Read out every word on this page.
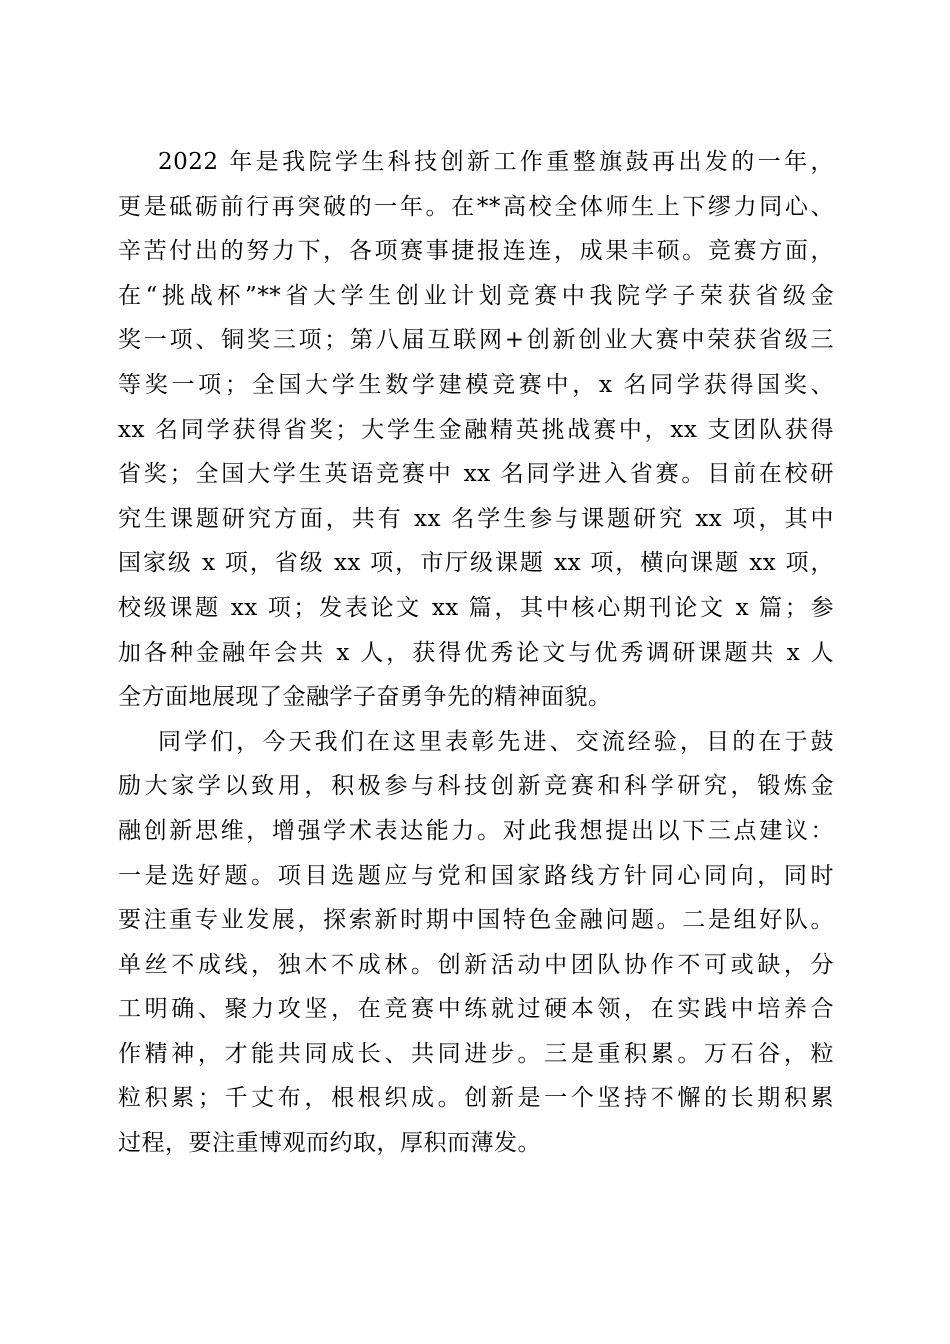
2022 年是我院学生科技创新工作重整旗鼓再出发的一年，
更是砥砺前行再突破的一年。在**高校全体师生上下缪力同心、
辛苦付出的努力下，各项赛事捷报连连，成果丰硕。竞赛方面，
在“挑战杯”**省大学生创业计划竞赛中我院学子荣获省级金
奖一项、铜奖三项；第八届互联网+创新创业大赛中荣获省级三
等奖一项；全国大学生数学建模竞赛中，x 名同学获得国奖、
xx 名同学获得省奖；大学生金融精英挑战赛中，xx 支团队获得
省奖；全国大学生英语竞赛中 xx 名同学进入省赛。目前在校研
究生课题研究方面，共有 xx 名学生参与课题研究 xx 项，其中
国家级 x 项，省级 xx 项，市厅级课题 xx 项，横向课题 xx 项，
校级课题 xx 项；发表论文 xx 篇，其中核心期刊论文 x 篇；参
加各种金融年会共 x 人，获得优秀论文与优秀调研课题共 x 人
全方面地展现了金融学子奋勇争先的精神面貌。
同学们，今天我们在这里表彰先进、交流经验，目的在于鼓
励大家学以致用，积极参与科技创新竞赛和科学研究，锻炼金
融创新思维，增强学术表达能力。对此我想提出以下三点建议：
一是选好题。项目选题应与党和国家路线方针同心同向，同时
要注重专业发展，探索新时期中国特色金融问题。二是组好队。
单丝不成线，独木不成林。创新活动中团队协作不可或缺，分
工明确、聚力攻坚，在竞赛中练就过硬本领，在实践中培养合
作精神，才能共同成长、共同进步。三是重积累。万石谷，粒
粒积累；千丈布，根根织成。创新是一个坚持不懈的长期积累
过程，要注重博观而约取，厚积而薄发。
